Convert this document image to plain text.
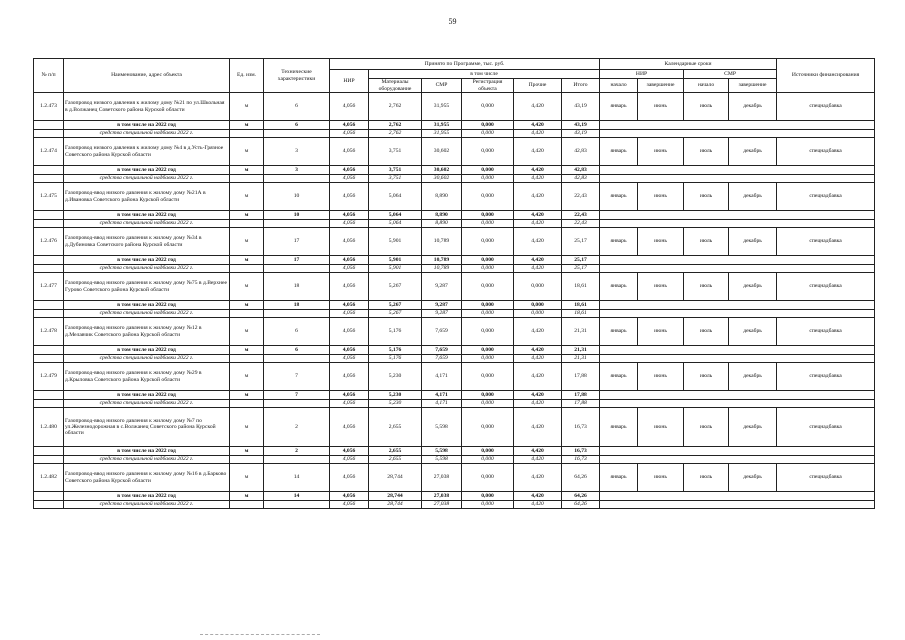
59
№ п/п	Наименование, адрес объекта	Ед. изм.	Технические характеристики	Принято по Программе, тыс. руб.						Календарные сроки				Источники финансирования
				НИР	в том числе					НИР		СМР		
					Материалы оборудование	СМР	Регистрация объекта	Прочие	Итого	начало	завершение	начало	завершение	
1.2.473	Газопровод низкого давления к жилому дому №21 по ул.Школьная в д.Волжанец Советского района Курской области	м	6	4,056	2,762	31,955	0,000	4,420	43,19	январь	июнь	июль	декабрь	спецнадбавка
	в том числе на 2022 год	м	6	4,056	2,762	31,955	0,000	4,420	43,19					
	средства специальной надбавки 2022 г.			4,056	2,762	31,955	0,000	4,420	43,19					
1.2.474	Газопровод низкого давления к жилому дому №4 в д.Усть-Грязное Советского района Курской области	м	3	4,056	3,751	30,602	0,000	4,420	42,83	январь	июнь	июль	декабрь	спецнадбавка
	в том числе на 2022 год	м	3	4,056	3,751	30,602	0,000	4,420	42,83					
	средства специальной надбавки 2022 г.			4,056	3,751	30,602	0,000	4,420	42,83					
1.2.475	Газопровод-ввод низкого давления к жилому дому №21А в д.Ивановка Советского района Курской области	м	10	4,056	5,064	8,890	0,000	4,420	22,43	январь	июнь	июль	декабрь	спецнадбавка
	в том числе на 2022 год	м	10	4,056	5,064	8,890	0,000	4,420	22,43					
	средства специальной надбавки 2022 г.			4,056	5,064	8,890	0,000	4,420	22,43					
1.2.476	Газопровод-ввод низкого давления к жилому дому №34 в д.Дубиновка Советского района Курской области	м	17	4,056	5,901	10,789	0,000	4,420	25,17	январь	июнь	июль	декабрь	спецнадбавка
	в том числе на 2022 год	м	17	4,056	5,901	10,789	0,000	4,420	25,17					
	средства специальной надбавки 2022 г.			4,056	5,901	10,789	0,000	4,420	25,17					
1.2.477	Газопровод-ввод низкого давления к жилому дому №75 в д.Верхнее Гурово Советского района Курской области	м	18	4,056	5,267	9,287	0,000	0,000	18,61	январь	июнь	июль	декабрь	спецнадбавка
	в том числе на 2022 год	м	18	4,056	5,267	9,287	0,000	0,000	18,61					
	средства специальной надбавки 2022 г.			4,056	5,267	9,287	0,000	0,000	18,61					
1.2.478	Газопровод-ввод низкого давления к жилому дому №12 в д.Мелавчик Советского района Курской области	м	6	4,056	5,176	7,659	0,000	4,420	21,31	январь	июнь	июль	декабрь	спецнадбавка
	в том числе на 2022 год	м	6	4,056	5,176	7,659	0,000	4,420	21,31					
	средства специальной надбавки 2022 г.			4,056	5,176	7,659	0,000	4,420	21,31					
1.2.479	Газопровод-ввод низкого давления к жилому дому №29 в д.Крыловка Советского района Курской области	м	7	4,056	5,230	4,171	0,000	4,420	17,88	январь	июнь	июль	декабрь	спецнадбавка
	в том числе на 2022 год	м	7	4,056	5,230	4,171	0,000	4,420	17,88					
	средства специальной надбавки 2022 г.			4,056	5,230	4,171	0,000	4,420	17,88					
1.2.480	Газопровод-ввод низкого давления к жилому дому №7 по ул.Железнодорожная в с.Волжанец Советского района Курской области	м	2	4,056	2,655	5,598	0,000	4,420	16,73	январь	июнь	июль	декабрь	спецнадбавка
	в том числе на 2022 год	м	2	4,056	2,655	5,598	0,000	4,420	16,73					
	средства специальной надбавки 2022 г.			4,056	2,655	5,598	0,000	4,420	16,73					
1.2.482	Газопровод-ввод низкого давления к жилому дому №16 в д.Барково Советского района Курской области	м	14	4,056	28,744	27,038	0,000	4,420	64,26	январь	июнь	июль	декабрь	спецнадбавка
	в том числе на 2022 год	м	14	4,056	28,744	27,038	0,000	4,420	64,26					
	средства специальной надбавки 2022 г.			4,056	28,744	27,038	0,000	4,420	64,26					
